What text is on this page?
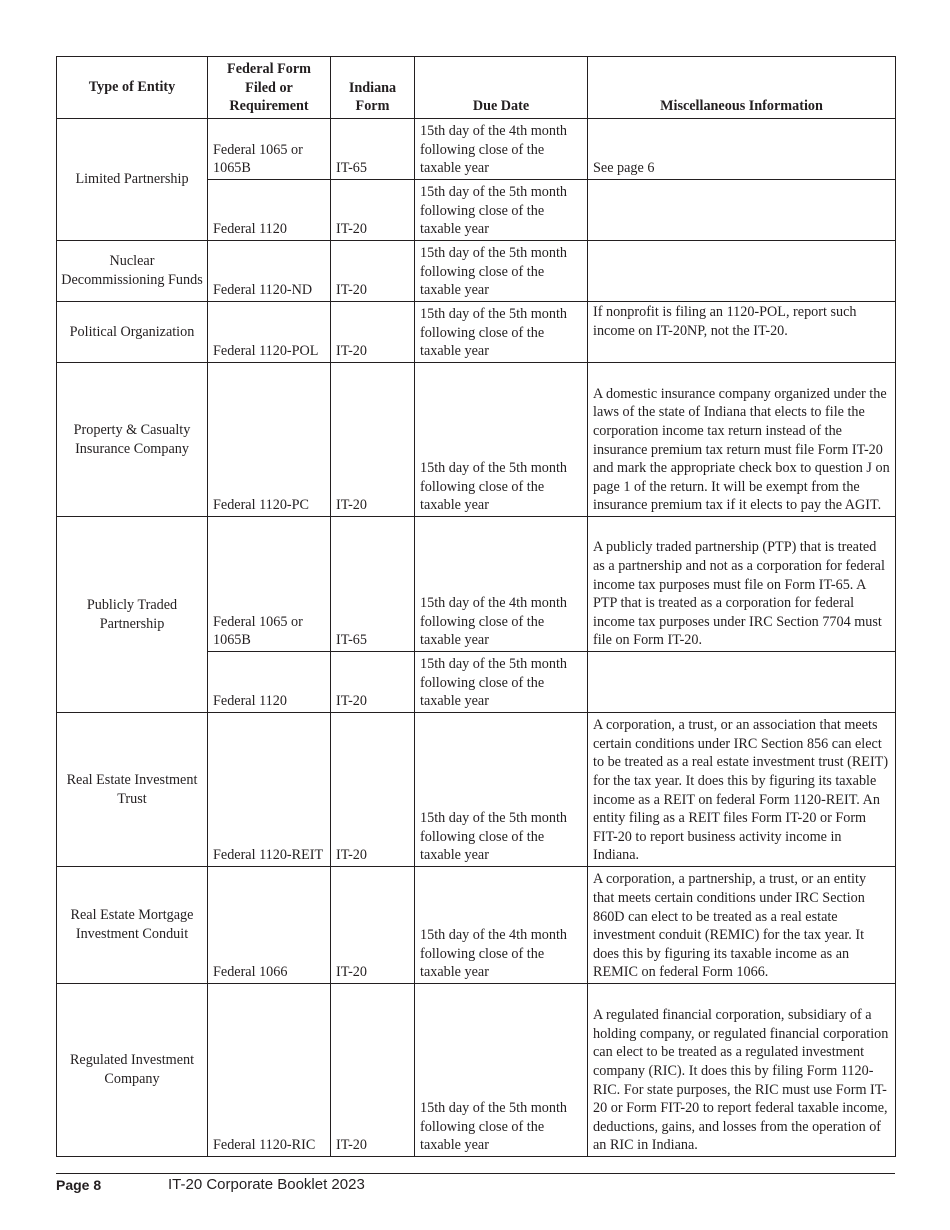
Type of Entity	Federal Form Filed or Requirement	Indiana Form	Due Date	Miscellaneous Information
Limited Partnership	Federal 1065 or 1065B	IT-65	15th day of the 4th month following close of the taxable year	See page 6
	Federal 1120	IT-20	15th day of the 5th month following close of the taxable year	
Nuclear Decommissioning Funds	Federal 1120-ND	IT-20	15th day of the 5th month following close of the taxable year	
Political Organization	Federal 1120-POL	IT-20	15th day of the 5th month following close of the taxable year	If nonprofit is filing an 1120-POL, report such income on IT-20NP, not the IT-20.
Property & Casualty Insurance Company	Federal 1120-PC	IT-20	15th day of the 5th month following close of the taxable year	A domestic insurance company organized under the laws of the state of Indiana that elects to file the corporation income tax return instead of the insurance premium tax return must file Form IT-20 and mark the appropriate check box to question J on page 1 of the return. It will be exempt from the insurance premium tax if it elects to pay the AGIT.
Publicly Traded Partnership	Federal 1065 or 1065B	IT-65	15th day of the 4th month following close of the taxable year	A publicly traded partnership (PTP) that is treated as a partnership and not as a corporation for federal income tax purposes must file on Form IT-65. A PTP that is treated as a corporation for federal income tax purposes under IRC Section 7704 must file on Form IT-20.
	Federal 1120	IT-20	15th day of the 5th month following close of the taxable year	
Real Estate Investment Trust	Federal 1120-REIT	IT-20	15th day of the 5th month following close of the taxable year	A corporation, a trust, or an association that meets certain conditions under IRC Section 856 can elect to be treated as a real estate investment trust (REIT) for the tax year. It does this by figuring its taxable income as a REIT on federal Form 1120-REIT. An entity filing as a REIT files Form IT-20 or Form FIT-20 to report business activity income in Indiana.
Real Estate Mortgage Investment Conduit	Federal 1066	IT-20	15th day of the 4th month following close of the taxable year	A corporation, a partnership, a trust, or an entity that meets certain conditions under IRC Section 860D can elect to be treated as a real estate investment conduit (REMIC) for the tax year. It does this by figuring its taxable income as an REMIC on federal Form 1066.
Regulated Investment Company	Federal 1120-RIC	IT-20	15th day of the 5th month following close of the taxable year	A regulated financial corporation, subsidiary of a holding company, or regulated financial corporation can elect to be treated as a regulated investment company (RIC). It does this by filing Form 1120-RIC. For state purposes, the RIC must use Form IT-20 or Form FIT-20 to report federal taxable income, deductions, gains, and losses from the operation of an RIC in Indiana.
Page 8	IT-20 Corporate Booklet 2023
